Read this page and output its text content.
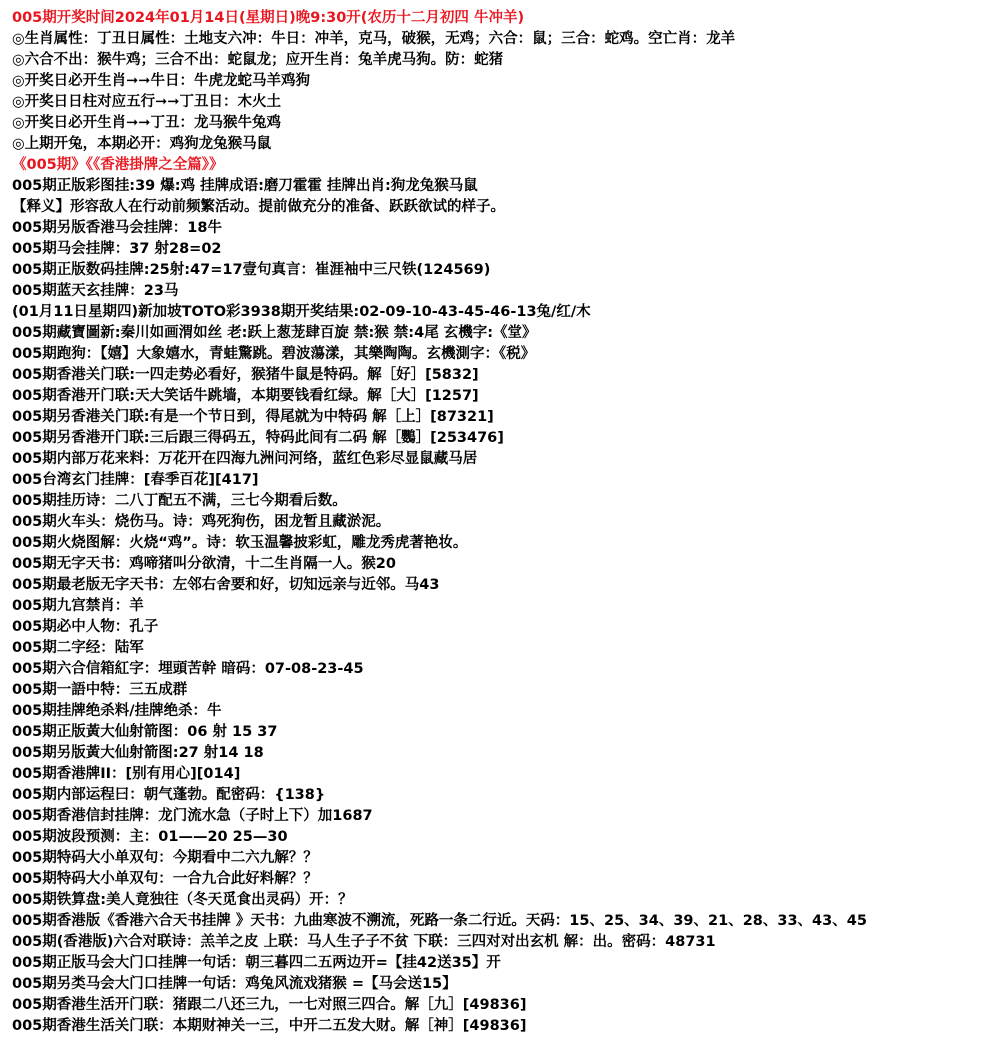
005期开奖时间2024年01月14日(星期日)晚9:30开(农历十二月初四 牛冲羊)
◎生肖属性：丁丑日属性：土地支六冲：牛日：冲羊，克马，破猴，无鸡；六合：鼠；三合：蛇鸡。空亡肖：龙羊
◎六合不出：猴牛鸡；三合不出：蛇鼠龙；应开生肖：兔羊虎马狗。防：蛇猪
◎开奖日必开生肖➞➞牛日：牛虎龙蛇马羊鸡狗
◎开奖日日柱对应五行➞➞丁丑日：木火土
◎开奖日必开生肖➞➞丁丑：龙马猴牛兔鸡
◎上期开兔，本期必开：鸡狗龙兔猴马鼠
《005期》《《香港掛牌之全篇》》
005期正版彩图挂:39 爆:鸡 挂牌成语:磨刀霍霍 挂牌出肖:狗龙兔猴马鼠
【释义】形容敌人在行动前频繁活动。提前做充分的准备、跃跃欲试的样子。
005期另版香港马会挂牌：18牛
005期马会挂牌：37 射28=02
005期正版数码挂牌:25射:47=17壹句真言：崔涯袖中三尺铁(124569)
005期蓝天玄挂牌：23马
(01月11日星期四)新加坡TOTO彩3938期开奖结果:02-09-10-43-45-46-13兔/红/木
005期藏寶圖新:秦川如画渭如丝 老:跃上葱茏肆百旋 禁:猴 禁:4尾 玄機字:《堂》
005期跑狗：【嬉】大象嬉水，青蛙驚跳。碧波蕩漾，其樂陶陶。玄機測字：《税》
005期香港关门联:一四走势必看好，猴猪牛鼠是特码。解［好］[5832]
005期香港开门联:天大笑话牛跳墙，本期要钱看红绿。解［大］[1257]
005期另香港关门联:有是一个节日到，得尾就为中特码 解［上］[87321]
005期另香港开门联:三后跟三得码五，特码此间有二码 解［鸚］[253476]
005期内部万花来料：万花开在四海九洲问河络，蓝红色彩尽显鼠藏马居
005台湾玄门挂牌：[春季百花][417]
005期挂历诗：二八丁配五不满，三七今期看后数。
005期火车头：烧伤马。诗：鸡死狗伤，困龙暂且藏淤泥。
005期火烧图解：火烧“鸡”。诗：软玉温馨披彩虹，雕龙秀虎著艳妆。
005期无字天书：鸡啼猪叫分欲清，十二生肖隔一人。猴20
005期最老版无字天书：左邻右舍要和好，切知远亲与近邻。马43
005期九宫禁肖：羊
005期必中人物：孔子
005期二字经：陆军
005期六合信箱紅字：埋頭苦幹 暗码：07-08-23-45
005期一語中特：三五成群
005期挂牌绝杀料/挂牌绝杀：牛
005期正版黃大仙射箭图：06 射 15 37
005期另版黃大仙射箭图:27 射14 18
005期香港牌II：[别有用心][014]
005期内部运程曰：朝气蓬勃。配密码：{138}
005期香港信封挂牌：龙门流水急（子时上下）加1687
005期波段预测：主：01——20 25—30
005期特码大小单双句：今期看中二六九解？？
005期特码大小单双句：一合九合此好料解？？
005期铁算盘:美人竟独往（冬天觅食出灵码）开：？
005期香港版《香港六合天书挂牌 》天书：九曲寒波不溯流，死路一条二行近。天码：15、25、34、39、21、28、33、43、45
005期(香港版)六合对联诗：羔羊之皮 上联：马人生子子不贫 下联：三四对对出玄机 解：出。密码：48731
005期正版马会大门口挂牌一句话：朝三暮四二五两边开=【挂42送35】开
005期另类马会大门口挂牌一句话：鸡兔风流戏猪猴 =【马会送15】
005期香港生活开门联：猪跟二八还三九，一七对照三四合。解［九］[49836]
005期香港生活关门联：本期财神关一三，中开二五发大财。解［神］[49836]
